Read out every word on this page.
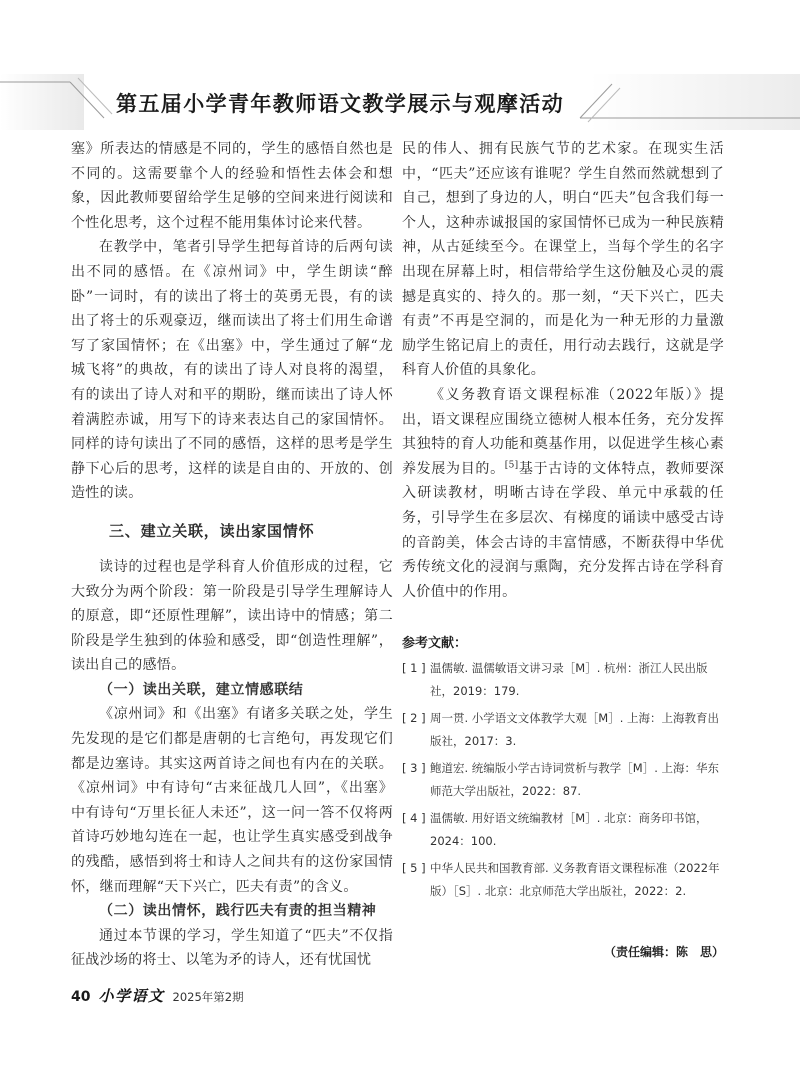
第五届小学青年教师语文教学展示与观摩活动

塞》所表达的情感是不同的，学生的感悟自然也是不同的。这需要靠个人的经验和悟性去体会和想象，因此教师要留给学生足够的空间来进行阅读和个性化思考，这个过程不能用集体讨论来代替。

在教学中，笔者引导学生把每首诗的后两句读出不同的感悟。在《凉州词》中，学生朗读“醉卧”一词时，有的读出了将士的英勇无畏，有的读出了将士的乐观豪迈，继而读出了将士们用生命谱写了家国情怀；在《出塞》中，学生通过了解“龙城飞将”的典故，有的读出了诗人对良将的渴望，有的读出了诗人对和平的期盼，继而读出了诗人怀着满腔赤诚，用写下的诗来表达自己的家国情怀。同样的诗句读出了不同的感悟，这样的思考是学生静下心后的思考，这样的读是自由的、开放的、创造性的读。

三、建立关联，读出家国情怀

读诗的过程也是学科育人价值形成的过程，它大致分为两个阶段：第一阶段是引导学生理解诗人的原意，即“还原性理解”，读出诗中的情感；第二阶段是学生独到的体验和感受，即“创造性理解”，读出自己的感悟。

（一）读出关联，建立情感联结

《凉州词》和《出塞》有诸多关联之处，学生先发现的是它们都是唐朝的七言绝句，再发现它们都是边塞诗。其实这两首诗之间也有内在的关联。《凉州词》中有诗句“古来征战几人回”，《出塞》中有诗句“万里长征人未还”，这一问一答不仅将两首诗巧妙地勾连在一起，也让学生真实感受到战争的残酷，感悟到将士和诗人之间共有的这份家国情怀，继而理解“天下兴亡，匹夫有责”的含义。

（二）读出情怀，践行匹夫有责的担当精神

通过本节课的学习，学生知道了“匹夫”不仅指征战沙场的将士、以笔为矛的诗人，还有忧国忧

民的伟人、拥有民族气节的艺术家。在现实生活中，“匹夫”还应该有谁呢？学生自然而然就想到了自己，想到了身边的人，明白“匹夫”包含我们每一个人，这种赤诚报国的家国情怀已成为一种民族精神，从古延续至今。在课堂上，当每个学生的名字出现在屏幕上时，相信带给学生这份触及心灵的震撼是真实的、持久的。那一刻，“天下兴亡，匹夫有责”不再是空洞的，而是化为一种无形的力量激励学生铭记肩上的责任，用行动去践行，这就是学科育人价值的具象化。

《义务教育语文课程标准（2022年版）》提出，语文课程应围绕立德树人根本任务，充分发挥其独特的育人功能和奠基作用，以促进学生核心素养发展为目的。[5]基于古诗的文体特点，教师要深入研读教材，明晰古诗在学段、单元中承载的任务，引导学生在多层次、有梯度的诵读中感受古诗的音韵美，体会古诗的丰富情感，不断获得中华优秀传统文化的浸润与熏陶，充分发挥古诗在学科育人价值中的作用。

参考文献：
[ 1 ] 温儒敏. 温儒敏语文讲习录［M］. 杭州：浙江人民出版社，2019：179.
[ 2 ] 周一贯. 小学语文文体教学大观［M］. 上海：上海教育出版社，2017：3.
[ 3 ] 鲍道宏. 统编版小学古诗词赏析与教学［M］. 上海：华东师范大学出版社，2022：87.
[ 4 ] 温儒敏. 用好语文统编教材［M］. 北京：商务印书馆，2024：100.
[ 5 ] 中华人民共和国教育部. 义务教育语文课程标准（2022年版）［S］. 北京：北京师范大学出版社，2022：2.
（责任编辑：陈　思）
40 小学语文 2025年第2期
